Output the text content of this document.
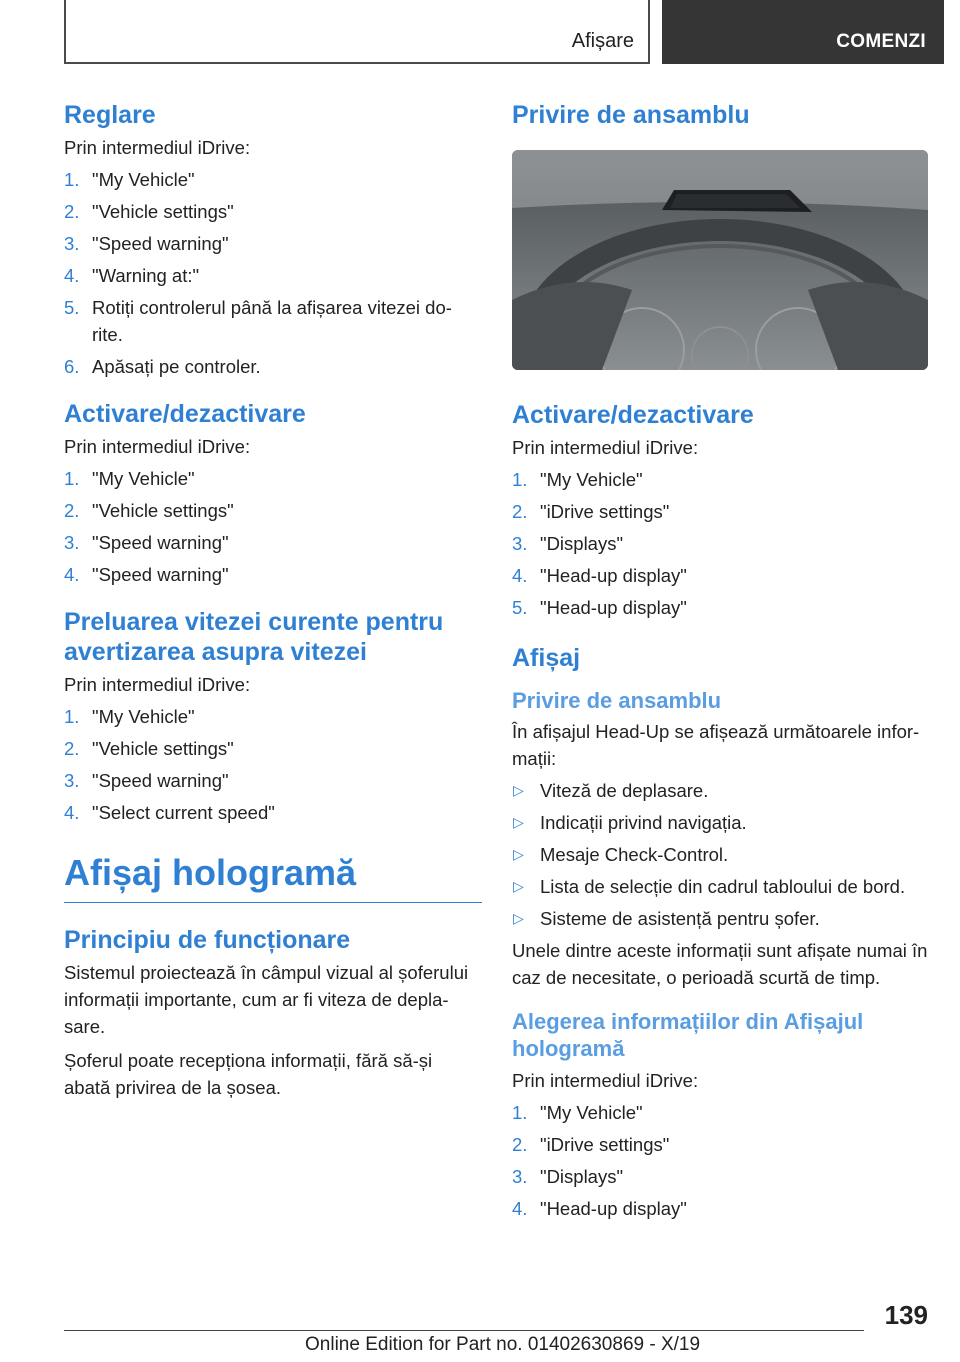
Afișare	COMENZI
Reglare
Prin intermediul iDrive:
1. "My Vehicle"
2. "Vehicle settings"
3. "Speed warning"
4. "Warning at:"
5. Rotiți controlerul până la afișarea vitezei do-rite.
6. Apăsați pe controler.
Activare/dezactivare
Prin intermediul iDrive:
1. "My Vehicle"
2. "Vehicle settings"
3. "Speed warning"
4. "Speed warning"
Preluarea vitezei curente pentru avertizarea asupra vitezei
Prin intermediul iDrive:
1. "My Vehicle"
2. "Vehicle settings"
3. "Speed warning"
4. "Select current speed"
Afișaj hologramă
Principiu de funcționare
Sistemul proiectează în câmpul vizual al șoferului informații importante, cum ar fi viteza de depla-sare.
Șoferul poate recepționa informații, fără să-și abată privirea de la șosea.
Privire de ansamblu
Activare/dezactivare
Prin intermediul iDrive:
1. "My Vehicle"
2. "iDrive settings"
3. "Displays"
4. "Head-up display"
5. "Head-up display"
Afișaj
Privire de ansamblu
În afișajul Head-Up se afișează următoarele infor-mații:
▷ Viteză de deplasare.
▷ Indicații privind navigația.
▷ Mesaje Check-Control.
▷ Lista de selecție din cadrul tabloului de bord.
▷ Sisteme de asistență pentru șofer.
Unele dintre aceste informații sunt afișate numai în caz de necesitate, o perioadă scurtă de timp.
Alegerea informațiilor din Afișajul hologramă
Prin intermediul iDrive:
1. "My Vehicle"
2. "iDrive settings"
3. "Displays"
4. "Head-up display"
139
Online Edition for Part no. 01402630869 - X/19
